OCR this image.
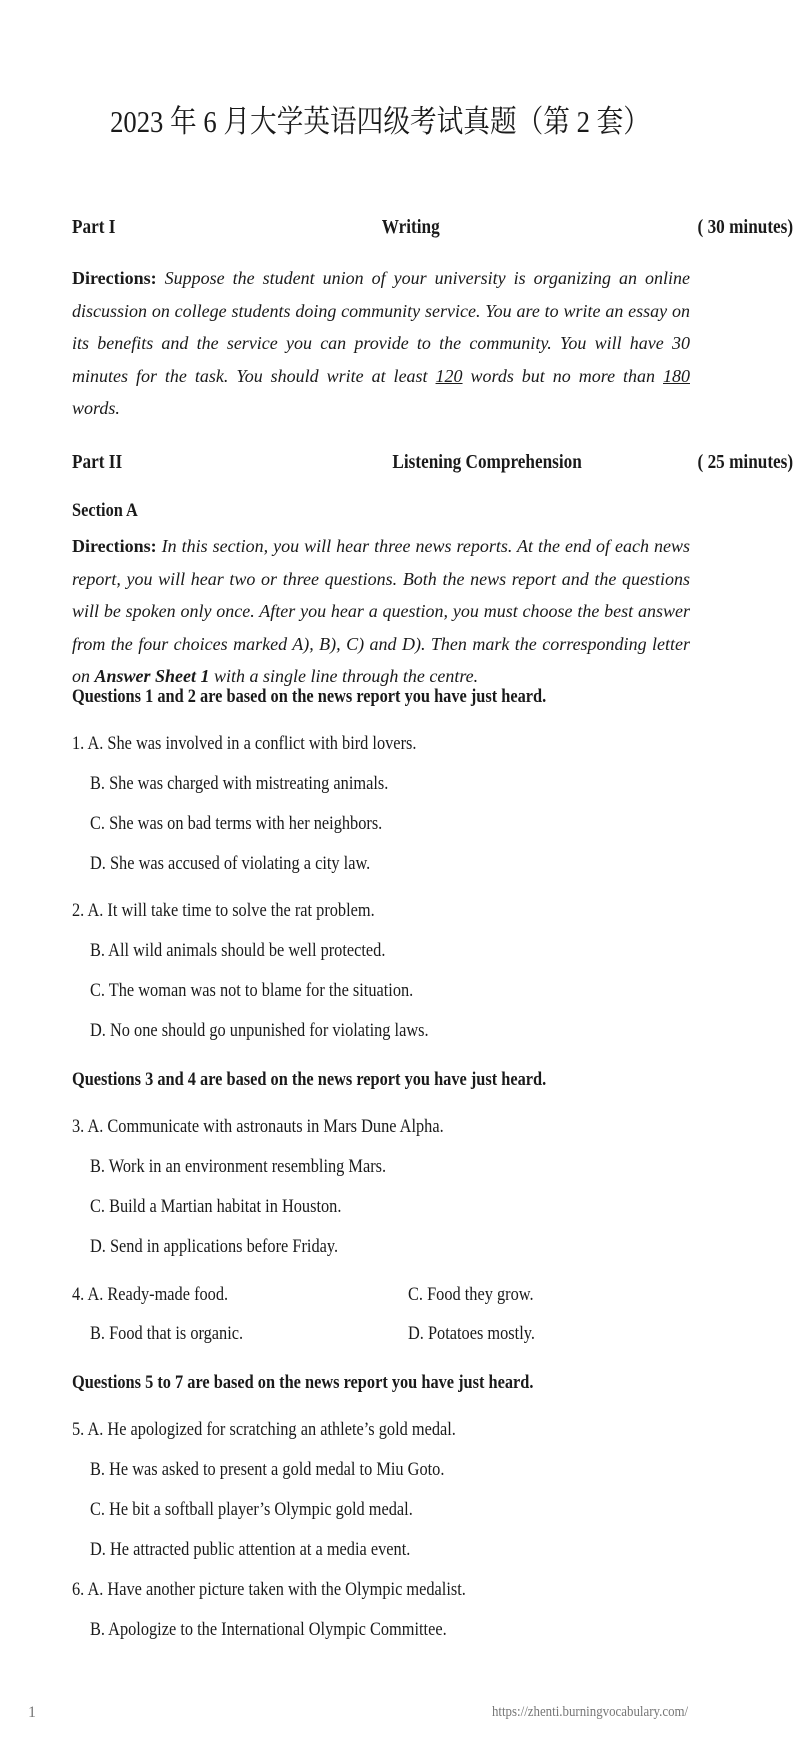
2023 年 6 月大学英语四级考试真题（第 2 套）
Part I	Writing	( 30 minutes)
Directions: Suppose the student union of your university is organizing an online discussion on college students doing community service. You are to write an essay on its benefits and the service you can provide to the community. You will have 30 minutes for the task. You should write at least 120 words but no more than 180 words.
Part II	Listening Comprehension	( 25 minutes)
Section A
Directions: In this section, you will hear three news reports. At the end of each news report, you will hear two or three questions. Both the news report and the questions will be spoken only once. After you hear a question, you must choose the best answer from the four choices marked A), B), C) and D). Then mark the corresponding letter on Answer Sheet 1 with a single line through the centre.
Questions 1 and 2 are based on the news report you have just heard.
1. A. She was involved in a conflict with bird lovers.
B. She was charged with mistreating animals.
C. She was on bad terms with her neighbors.
D. She was accused of violating a city law.
2. A. It will take time to solve the rat problem.
B. All wild animals should be well protected.
C. The woman was not to blame for the situation.
D. No one should go unpunished for violating laws.
Questions 3 and 4 are based on the news report you have just heard.
3. A. Communicate with astronauts in Mars Dune Alpha.
B. Work in an environment resembling Mars.
C. Build a Martian habitat in Houston.
D. Send in applications before Friday.
4. A. Ready-made food.	C. Food they grow.
B. Food that is organic.	D. Potatoes mostly.
Questions 5 to 7 are based on the news report you have just heard.
5. A. He apologized for scratching an athlete’s gold medal.
B. He was asked to present a gold medal to Miu Goto.
C. He bit a softball player’s Olympic gold medal.
D. He attracted public attention at a media event.
6. A. Have another picture taken with the Olympic medalist.
B. Apologize to the International Olympic Committee.
1	https://zhenti.burningvocabulary.com/
